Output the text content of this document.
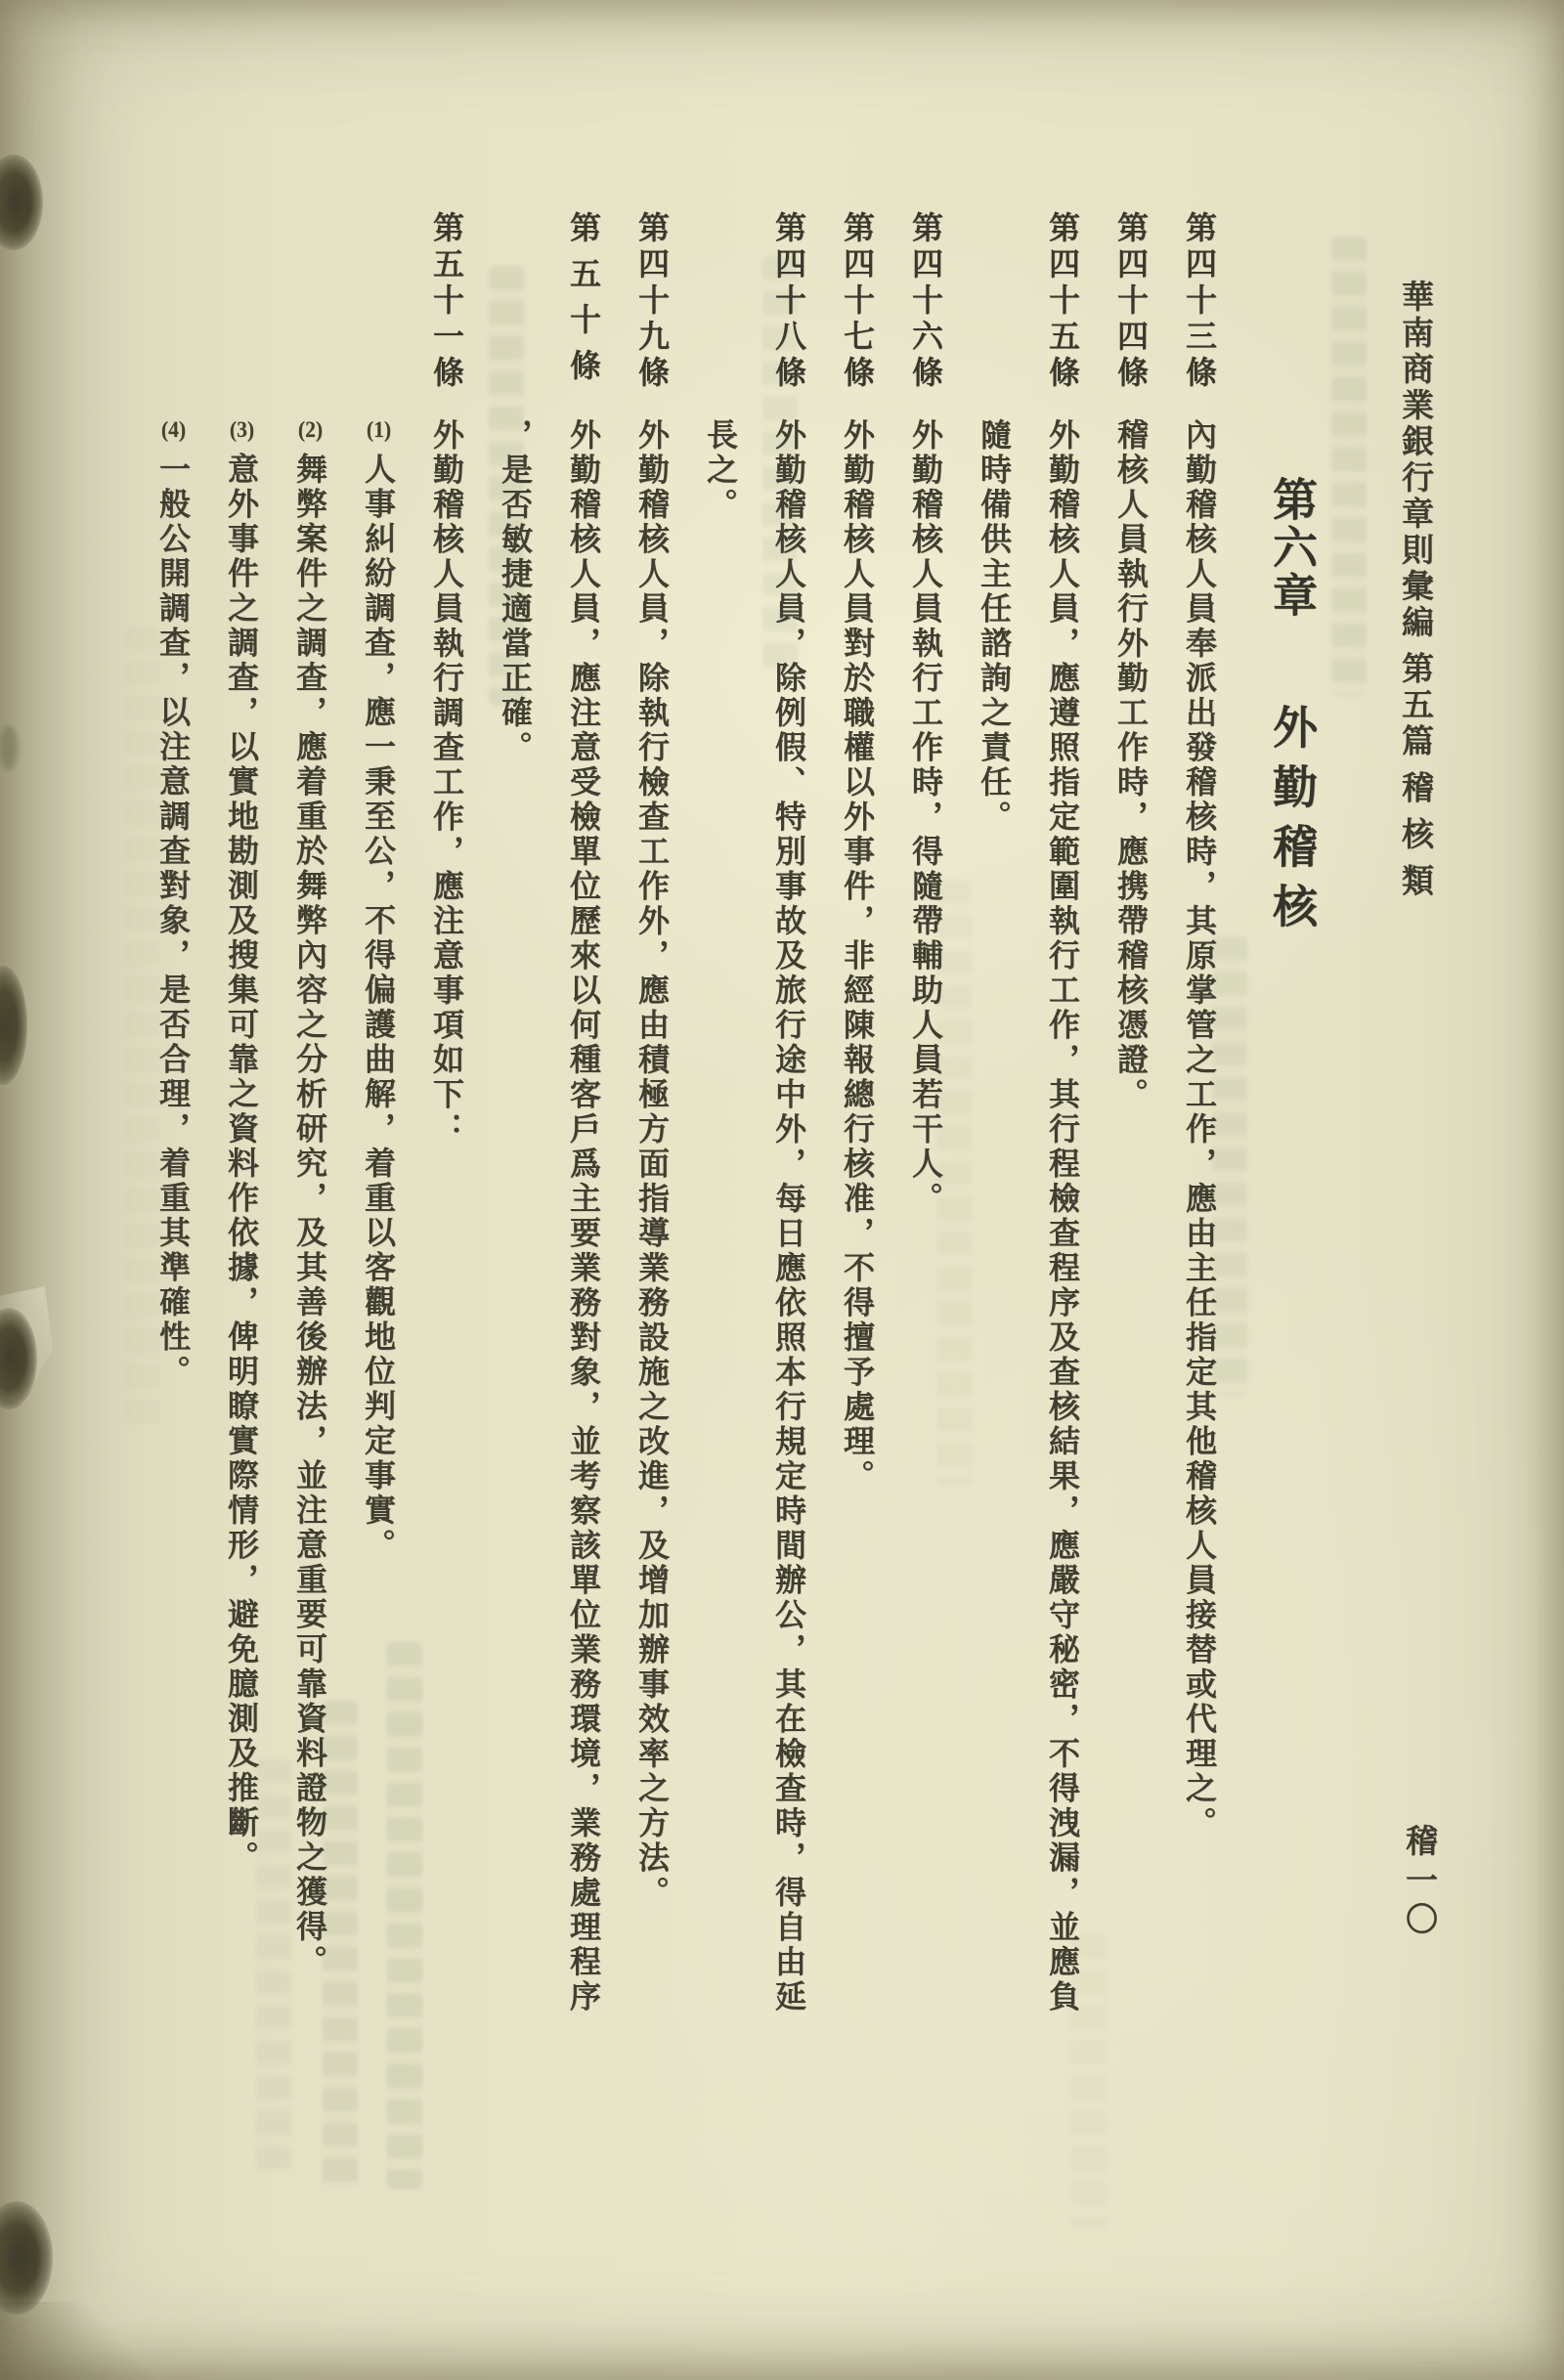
華南商業銀行章則彙編 第五篇 稽 核 類
第六章外勤稽核
第四十三條
內勤稽核人員奉派出發稽核時，其原掌管之工作，應由主任指定其他稽核人員接替或代理之。
第四十四條
稽核人員執行外勤工作時，應携帶稽核憑證。
第四十五條
外勤稽核人員，應遵照指定範圍執行工作，其行程檢查程序及查核結果，應嚴守秘密，不得洩漏，並應負隨時備供主任諮詢之責任。
第四十六條
外勤稽核人員執行工作時，得隨帶輔助人員若干人。
第四十七條
外勤稽核人員對於職權以外事件，非經陳報總行核准，不得擅予處理。
第四十八條
外勤稽核人員，除例假、特別事故及旅行途中外，每日應依照本行規定時間辦公，其在檢查時，得自由延長之。
第四十九條
外勤稽核人員，除執行檢查工作外，應由積極方面指導業務設施之改進，及增加辦事效率之方法。
第五十條
外勤稽核人員，應注意受檢單位歷來以何種客戶爲主要業務對象，並考察該單位業務環境，業務處理程序，是否敏捷適當正確。
第五十一條
外勤稽核人員執行調查工作，應注意事項如下：
(1)人事糾紛調查，應一秉至公，不得偏護曲解，着重以客觀地位判定事實。
(2)舞弊案件之調查，應着重於舞弊內容之分析研究，及其善後辦法，並注意重要可靠資料證物之獲得。
(3)意外事件之調查，以實地勘測及搜集可靠之資料作依據，俾明瞭實際情形，避免臆測及推斷。
(4)一般公開調查，以注意調查對象，是否合理，着重其準確性。
稽一〇
